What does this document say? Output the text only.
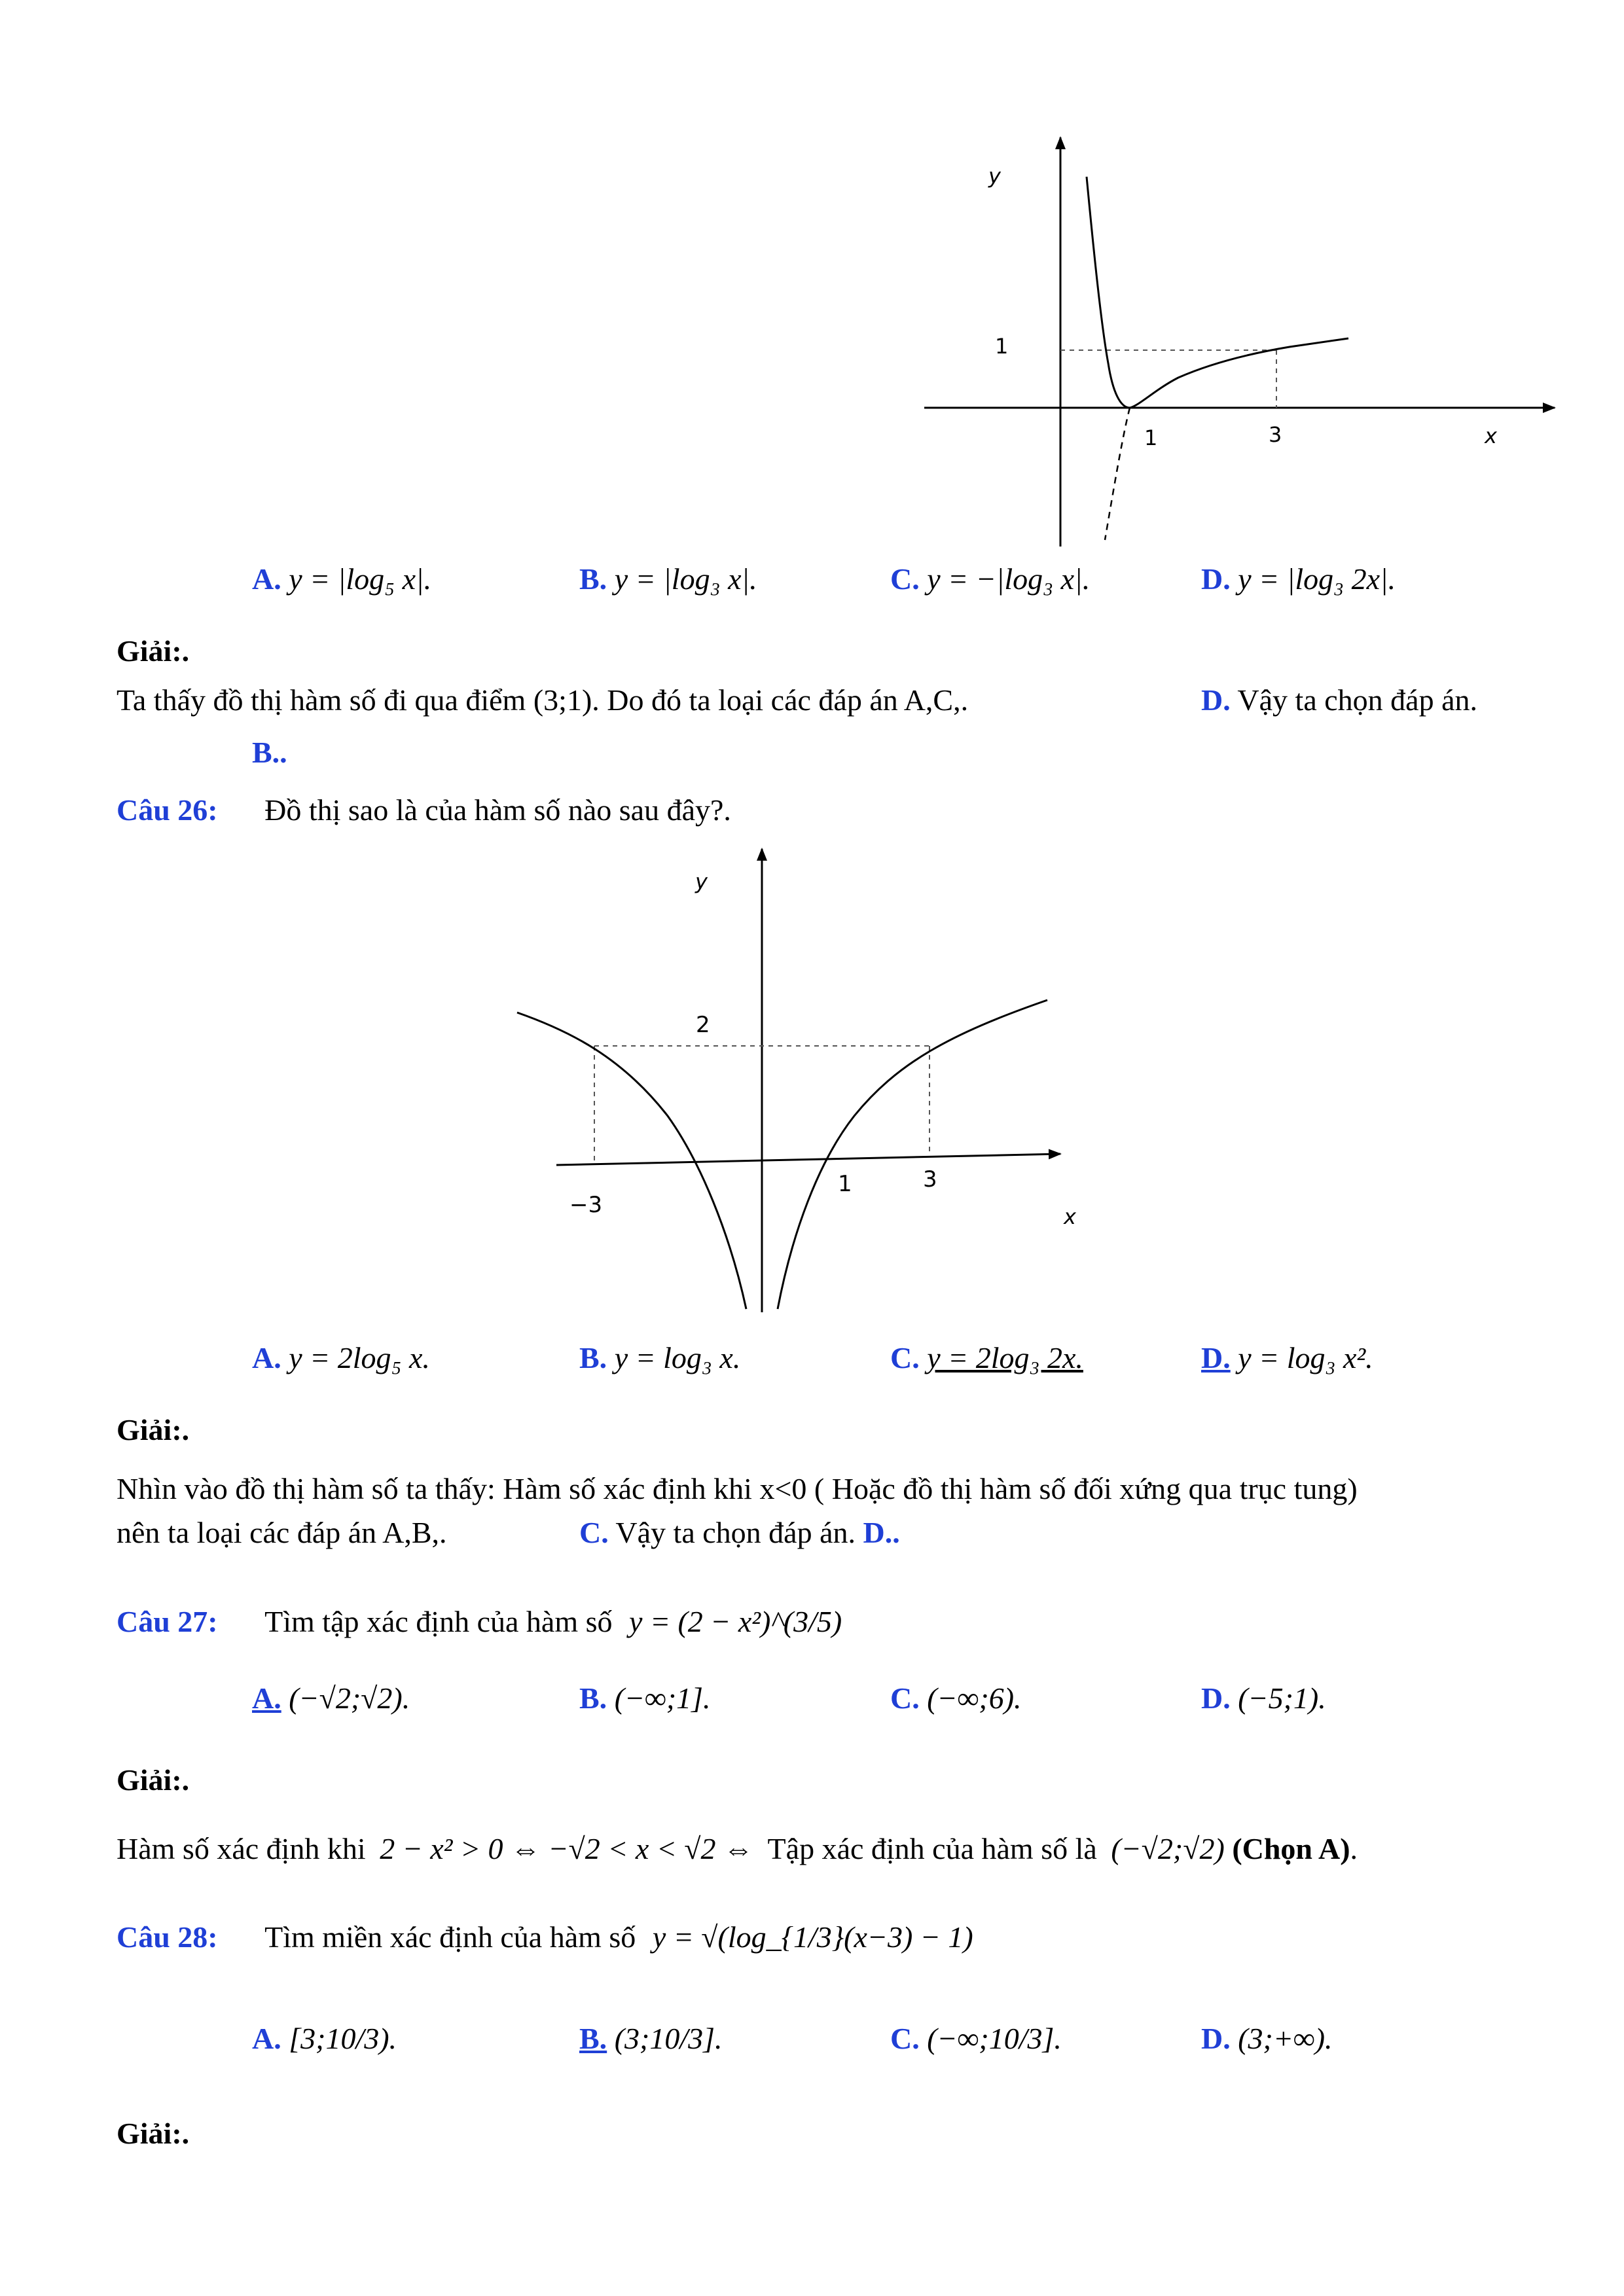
y
1
1	3	x
A. y = |log₅ x|.	B. y = |log₃ x|.	C. y = −|log₃ x|.	D. y = |log₃ 2x|.
Giải:.
Ta thấy đồ thị hàm số đi qua điểm (3;1). Do đó ta loại các đáp án A,C,.	D. Vậy ta chọn đáp án.
B..
Câu 26: Đồ thị sao là của hàm số nào sau đây?.
y
2
−3
1	3
x
A. y = 2log₅ x.	B. y = log₃ x.	C. y = 2log₃ 2x.	D. y = log₃ x².
Giải:.
Nhìn vào đồ thị hàm số ta thấy: Hàm số xác định khi x<0 ( Hoặc đồ thị hàm số đối xứng qua trục tung)
nên ta loại các đáp án A,B,.	C. Vậy ta chọn đáp án. D..
Câu 27: Tìm tập xác định của hàm số y = (2 − x²)^(3/5)
A. (−√2;√2).	B. (−∞;1].	C. (−∞;6).	D. (−5;1).
Giải:.
Hàm số xác định khi 2 − x² > 0 ⇔ −√2 < x < √2 ⇔ Tập xác định của hàm số là (−√2;√2) (Chọn A).
Câu 28: Tìm miền xác định của hàm số y = √(log_{1/3}(x−3) − 1)
A. [3;10/3).	B. (3;10/3].	C. (−∞;10/3].	D. (3;+∞).
Giải:.
